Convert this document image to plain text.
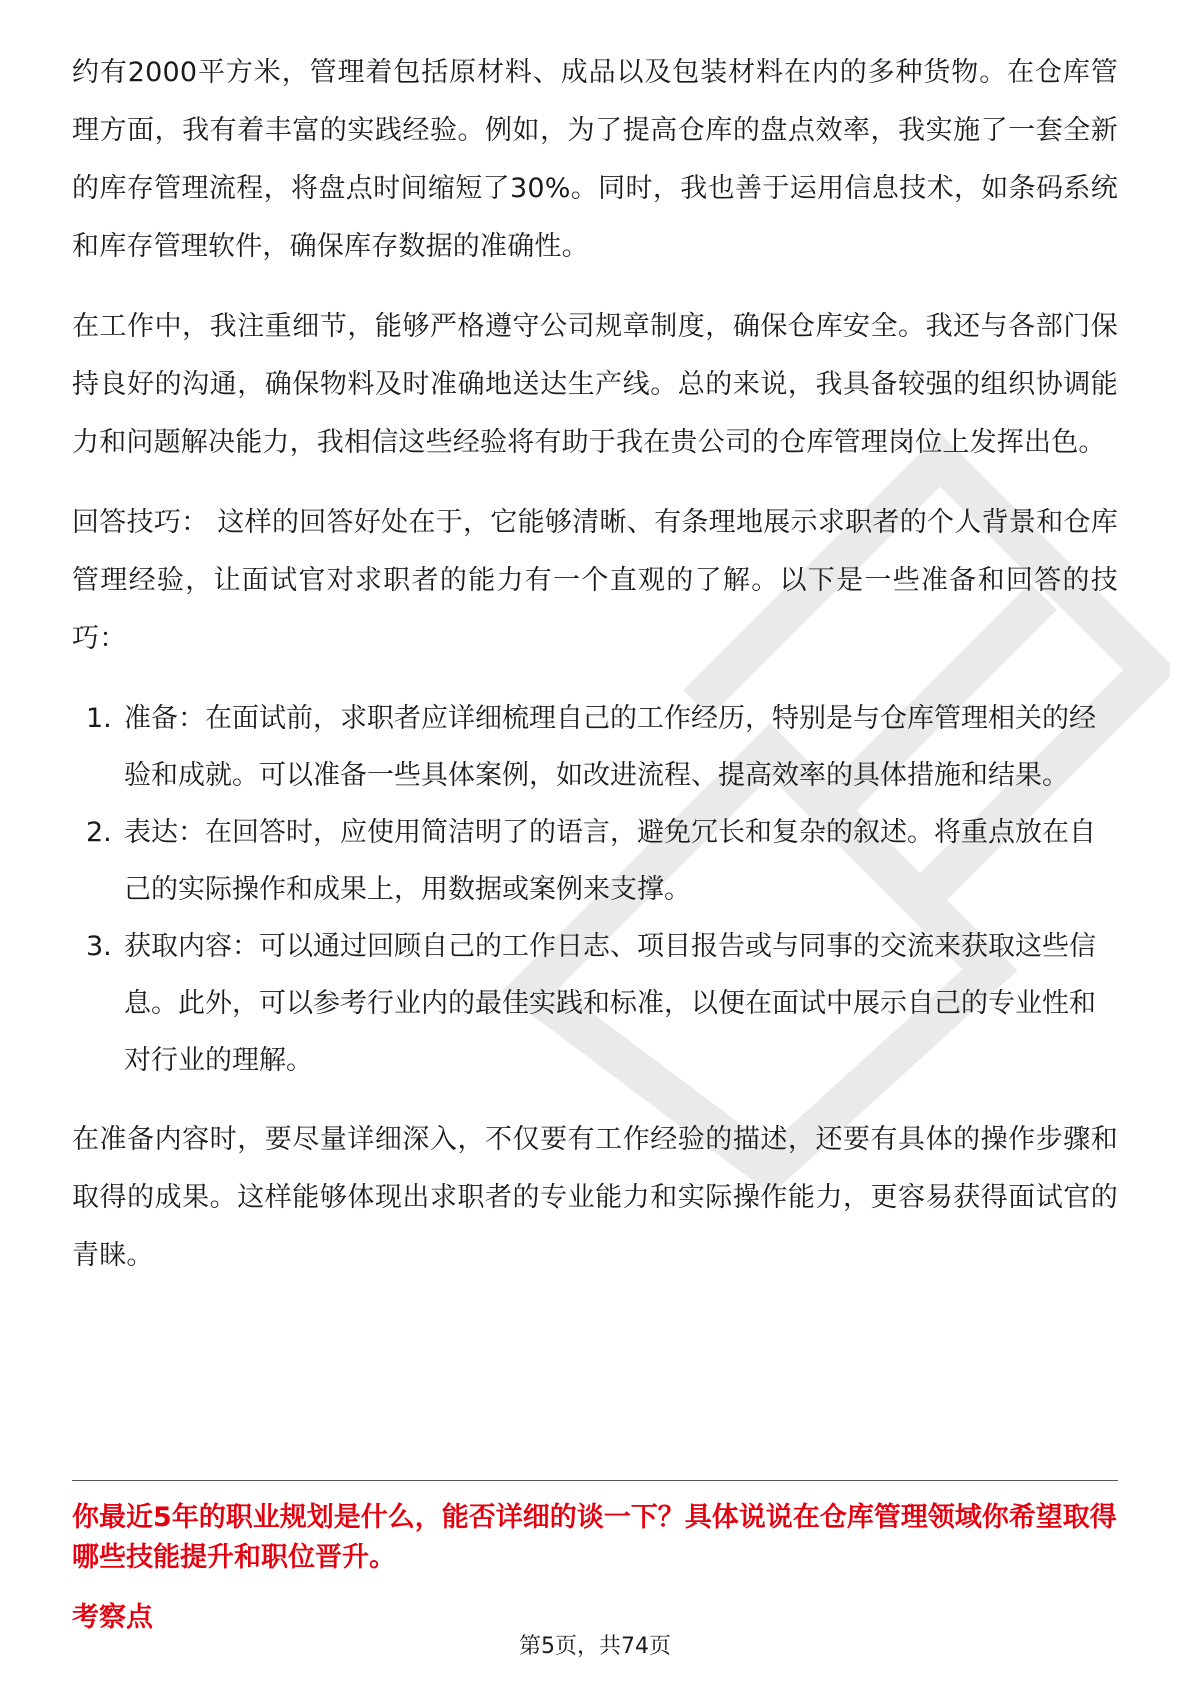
约有2000平方米，管理着包括原材料、成品以及包装材料在内的多种货物。在仓库管理方面，我有着丰富的实践经验。例如，为了提高仓库的盘点效率，我实施了一套全新的库存管理流程，将盘点时间缩短了30%。同时，我也善于运用信息技术，如条码系统和库存管理软件，确保库存数据的准确性。

在工作中，我注重细节，能够严格遵守公司规章制度，确保仓库安全。我还与各部门保持良好的沟通，确保物料及时准确地送达生产线。总的来说，我具备较强的组织协调能力和问题解决能力，我相信这些经验将有助于我在贵公司的仓库管理岗位上发挥出色。

回答技巧： 这样的回答好处在于，它能够清晰、有条理地展示求职者的个人背景和仓库管理经验，让面试官对求职者的能力有一个直观的了解。以下是一些准备和回答的技巧：

1. 准备：在面试前，求职者应详细梳理自己的工作经历，特别是与仓库管理相关的经验和成就。可以准备一些具体案例，如改进流程、提高效率的具体措施和结果。
2. 表达：在回答时，应使用简洁明了的语言，避免冗长和复杂的叙述。将重点放在自己的实际操作和成果上，用数据或案例来支撑。
3. 获取内容：可以通过回顾自己的工作日志、项目报告或与同事的交流来获取这些信息。此外，可以参考行业内的最佳实践和标准，以便在面试中展示自己的专业性和对行业的理解。

在准备内容时，要尽量详细深入，不仅要有工作经验的描述，还要有具体的操作步骤和取得的成果。这样能够体现出求职者的专业能力和实际操作能力，更容易获得面试官的青睐。

你最近5年的职业规划是什么，能否详细的谈一下？具体说说在仓库管理领域你希望取得哪些技能提升和职位晋升。
考察点
第5页，共74页
